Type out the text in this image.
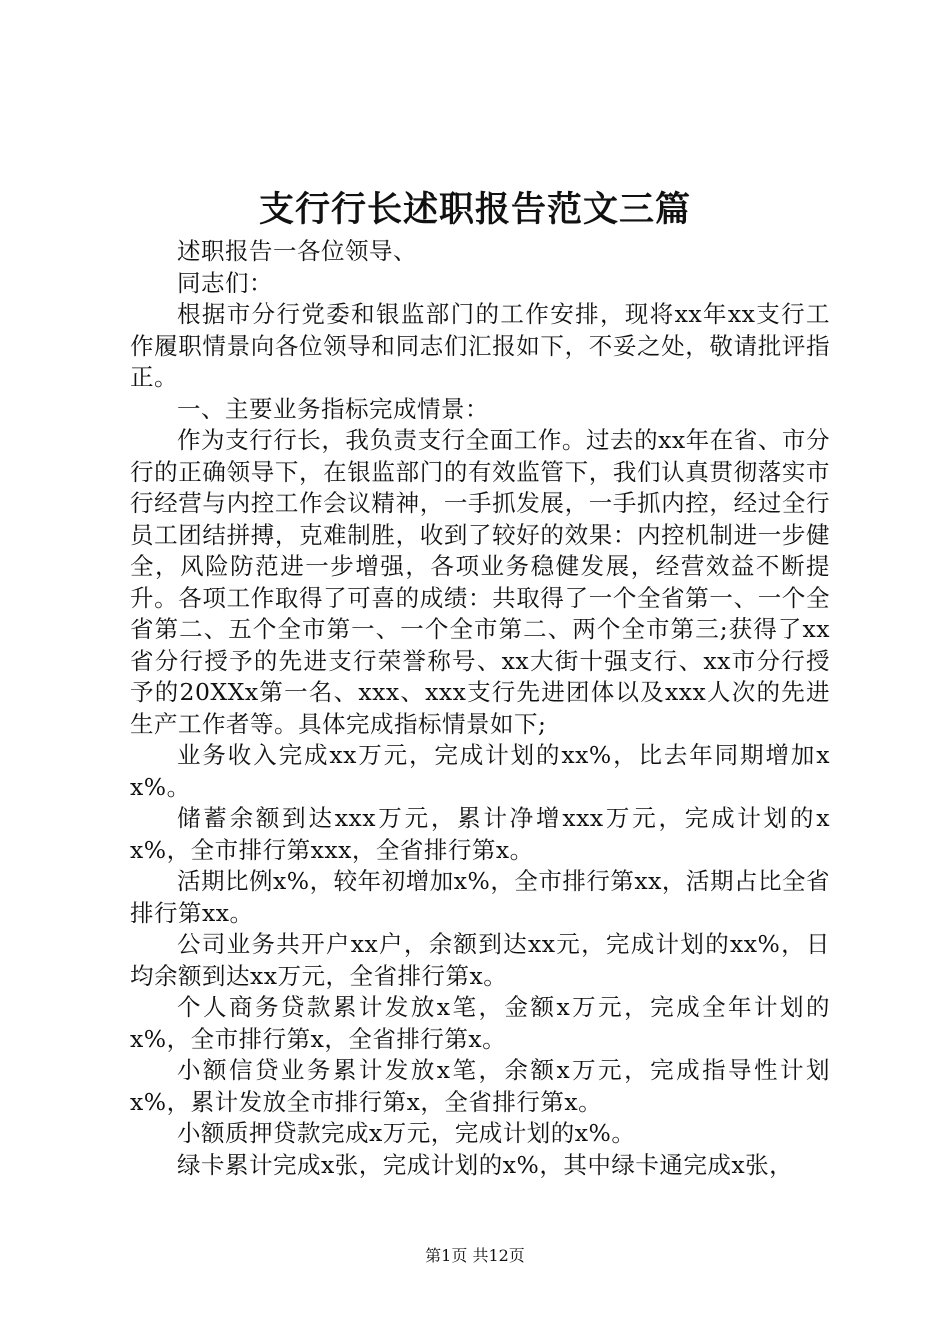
支行行长述职报告范文三篇

述职报告一各位领导、

同志们：

根据市分行党委和银监部门的工作安排，现将xx年xx支行工作履职情景向各位领导和同志们汇报如下，不妥之处，敬请批评指正。

一、主要业务指标完成情景：

作为支行行长，我负责支行全面工作。过去的xx年在省、市分行的正确领导下，在银监部门的有效监管下，我们认真贯彻落实市行经营与内控工作会议精神，一手抓发展，一手抓内控，经过全行员工团结拼搏，克难制胜，收到了较好的效果：内控机制进一步健全，风险防范进一步增强，各项业务稳健发展，经营效益不断提升。各项工作取得了可喜的成绩：共取得了一个全省第一、一个全省第二、五个全市第一、一个全市第二、两个全市第三;获得了xx省分行授予的先进支行荣誉称号、xx大街十强支行、xx市分行授予的20XXx第一名、xxx、xxx支行先进团体以及xxx人次的先进生产工作者等。具体完成指标情景如下;

业务收入完成xx万元，完成计划的xx%，比去年同期增加xx%。

储蓄余额到达xxx万元，累计净增xxx万元，完成计划的xx%，全市排行第xxx，全省排行第x。

活期比例x%，较年初增加x%，全市排行第xx，活期占比全省排行第xx。

公司业务共开户xx户，余额到达xx元，完成计划的xx%，日均余额到达xx万元，全省排行第x。

个人商务贷款累计发放x笔，金额x万元，完成全年计划的x%，全市排行第x，全省排行第x。

小额信贷业务累计发放x笔，余额x万元，完成指导性计划x%，累计发放全市排行第x，全省排行第x。

小额质押贷款完成x万元，完成计划的x%。

绿卡累计完成x张，完成计划的x%，其中绿卡通完成x张，

第1页 共12页
